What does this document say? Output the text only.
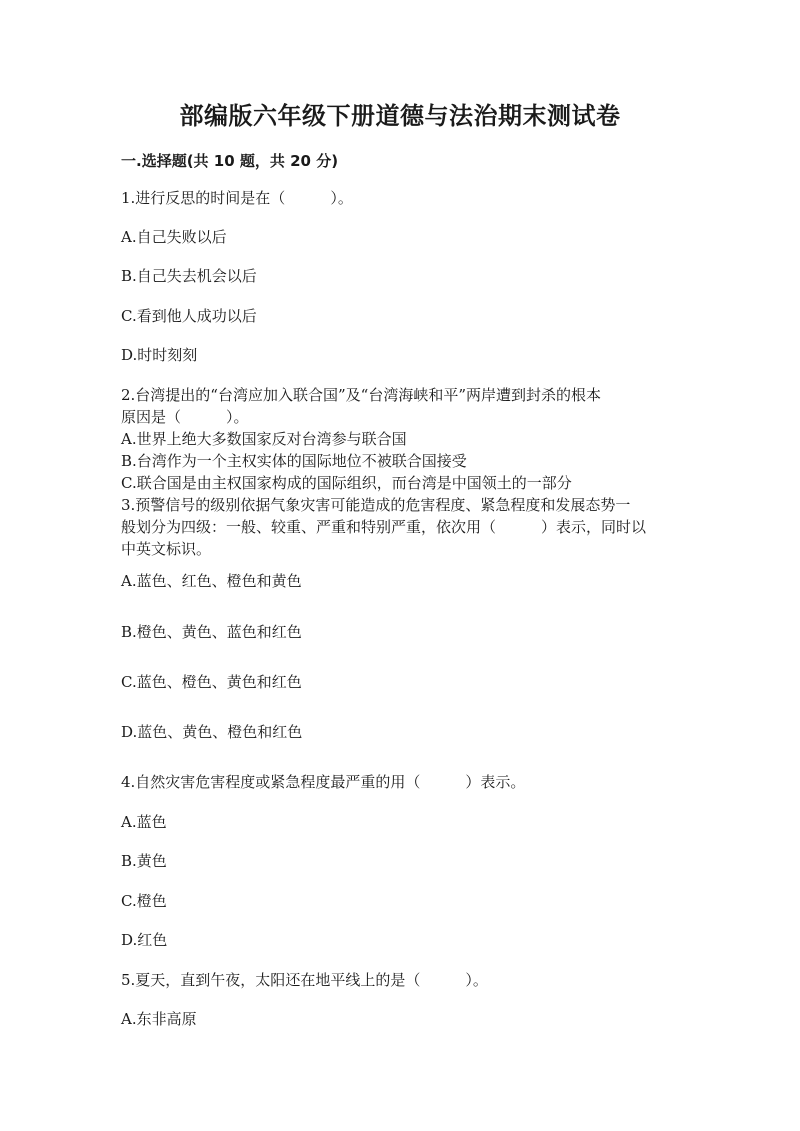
部编版六年级下册道德与法治期末测试卷
一.选择题(共 10 题，共 20 分)

1.进行反思的时间是在（　　　）。

A.自己失败以后

B.自己失去机会以后

C.看到他人成功以后

D.时时刻刻

2.台湾提出的“台湾应加入联合国”及“台湾海峡和平”两岸遭到封杀的根本

原因是（　　　）。

A.世界上绝大多数国家反对台湾参与联合国

B.台湾作为一个主权实体的国际地位不被联合国接受

C.联合国是由主权国家构成的国际组织，而台湾是中国领土的一部分

3.预警信号的级别依据气象灾害可能造成的危害程度、紧急程度和发展态势一

般划分为四级：一般、较重、严重和特别严重，依次用（　　　）表示，同时以

中英文标识。

A.蓝色、红色、橙色和黄色

B.橙色、黄色、蓝色和红色

C.蓝色、橙色、黄色和红色

D.蓝色、黄色、橙色和红色

4.自然灾害危害程度或紧急程度最严重的用（　　　）表示。

A.蓝色

B.黄色

C.橙色

D.红色

5.夏天，直到午夜，太阳还在地平线上的是（　　　）。

A.东非高原
